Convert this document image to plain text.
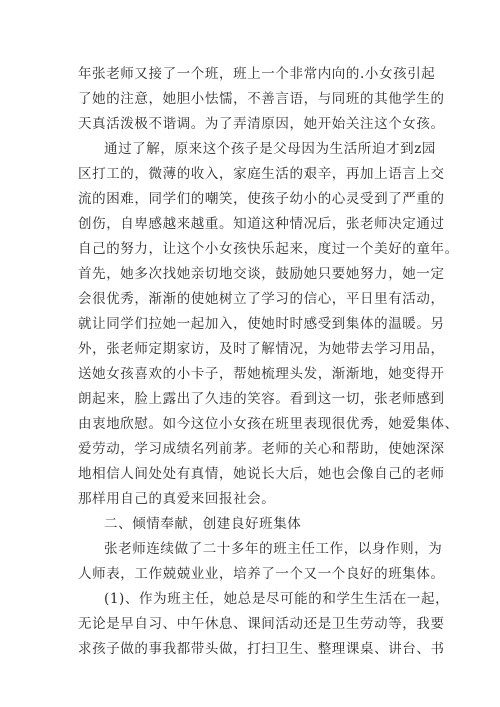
年张老师又接了一个班，班上一个非常内向的.小女孩引起
了她的注意，她胆小怯懦，不善言语，与同班的其他学生的
天真活泼极不谐调。为了弄清原因，她开始关注这个女孩。
通过了解，原来这个孩子是父母因为生活所迫才到z园
区打工的，微薄的收入，家庭生活的艰辛，再加上语言上交
流的困难，同学们的嘲笑，使孩子幼小的心灵受到了严重的
创伤，自卑感越来越重。知道这种情况后，张老师决定通过
自己的努力，让这个小女孩快乐起来，度过一个美好的童年。
首先，她多次找她亲切地交谈，鼓励她只要她努力，她一定
会很优秀，渐渐的使她树立了学习的信心，平日里有活动，
就让同学们拉她一起加入，使她时时感受到集体的温暖。另
外，张老师定期家访，及时了解情况，为她带去学习用品，
送她女孩喜欢的小卡子，帮她梳理头发，渐渐地，她变得开
朗起来，脸上露出了久违的笑容。看到这一切，张老师感到
由衷地欣慰。如今这位小女孩在班里表现很优秀，她爱集体、
爱劳动，学习成绩名列前茅。老师的关心和帮助，使她深深
地相信人间处处有真情，她说长大后，她也会像自己的老师
那样用自己的真爱来回报社会。
二、倾情奉献，创建良好班集体
张老师连续做了二十多年的班主任工作，以身作则，为
人师表，工作兢兢业业，培养了一个又一个良好的班集体。
(1)、作为班主任，她总是尽可能的和学生生活在一起，
无论是早自习、中午休息、课间活动还是卫生劳动等，我要
求孩子做的事我都带头做，打扫卫生、整理课桌、讲台、书
